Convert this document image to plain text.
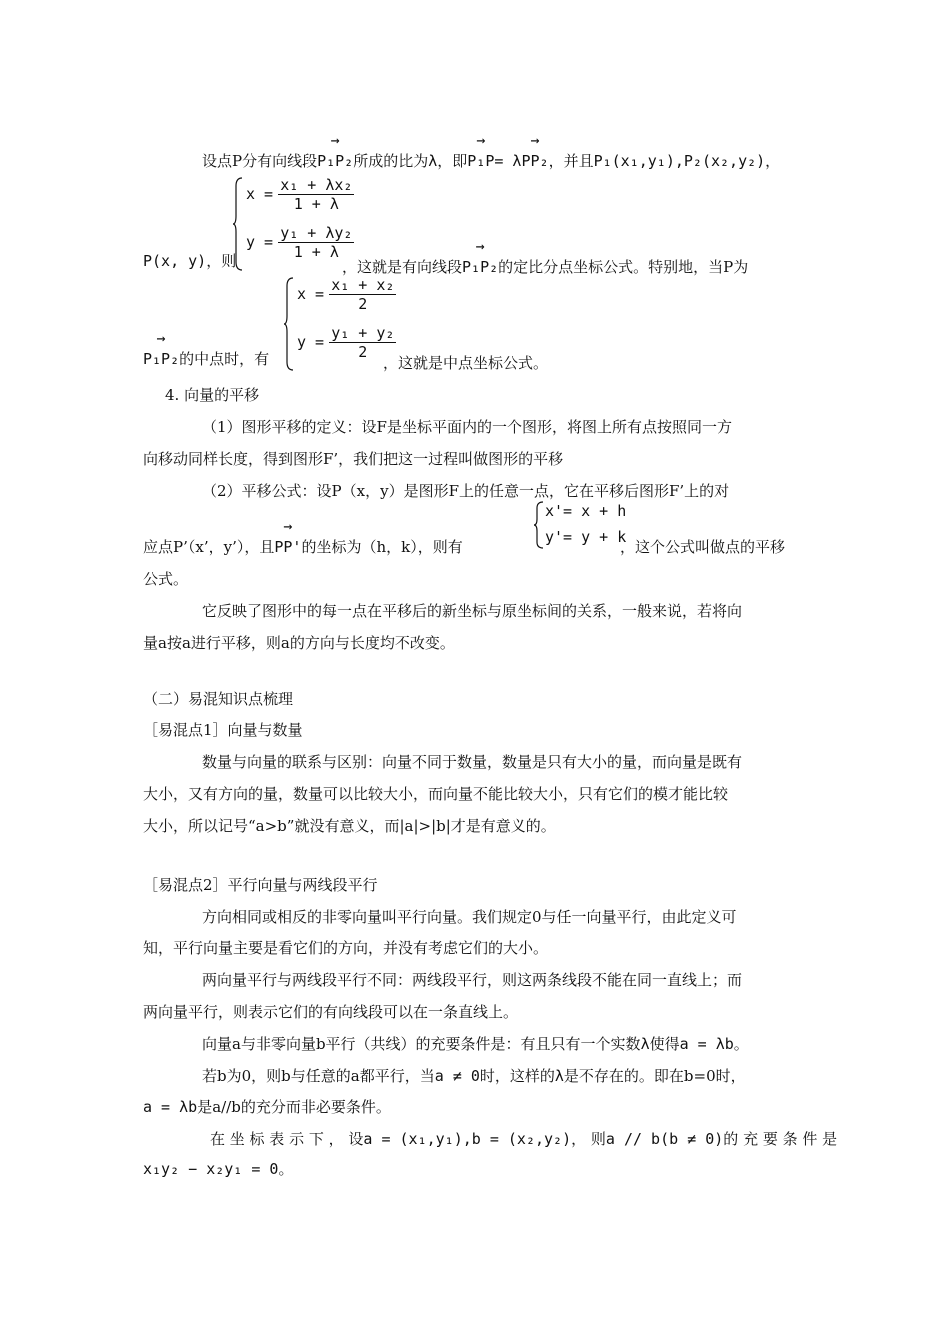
设点P分有向线段→ P₁P₂所成的比为λ，即→ P₁P= λ→ PP₂，并且P₁(x₁,y₁),P₂(x₂,y₂)，
P(x, y)，则
$x = \frac{\text{x₁ + λx₂}}{1 + \lambda}$
$y = \frac{\text{y₁ + λy₂}}{1 + \lambda}$
，这就是有向线段→ P₁P₂的定比分点坐标公式。特别地，当P为
→ P₁P₂的中点时，有
$x = \frac{\text{x₁ + x₂}}{2}$
$y = \frac{\text{y₁ + y₂}}{2}$
，这就是中点坐标公式。
4. 向量的平移
（1）图形平移的定义：设F是坐标平面内的一个图形，将图上所有点按照同一方
向移动同样长度，得到图形F’，我们把这一过程叫做图形的平移
（2）平移公式：设P（x，y）是图形F上的任意一点，它在平移后图形F’上的对
应点P’（x’，y’），且→ PP'的坐标为（h，k），则有
x'= x + h
y'= y + k
，这个公式叫做点的平移
公式。
它反映了图形中的每一点在平移后的新坐标与原坐标间的关系，一般来说，若将向
量a按a进行平移，则a的方向与长度均不改变。
（二）易混知识点梳理
［易混点1］向量与数量
数量与向量的联系与区别：向量不同于数量，数量是只有大小的量，而向量是既有
大小，又有方向的量，数量可以比较大小，而向量不能比较大小，只有它们的模才能比较
大小，所以记号“a>b”就没有意义，而|a|>|b|才是有意义的。
［易混点2］平行向量与两线段平行
方向相同或相反的非零向量叫平行向量。我们规定0与任一向量平行，由此定义可
知，平行向量主要是看它们的方向，并没有考虑它们的大小。
两向量平行与两线段平行不同：两线段平行，则这两条线段不能在同一直线上；而
两向量平行，则表示它们的有向线段可以在一条直线上。
向量a与非零向量b平行（共线）的充要条件是：有且只有一个实数λ使得a = λb。
若b为0，则b与任意的a都平行，当a ≠ 0时，这样的λ是不存在的。即在b=0时，
a = λb是a//b的充分而非必要条件。
在 坐 标 表 示 下 ， 设a = (x₁,y₁),b = (x₂,y₂)， 则a // b(b ≠ 0)的 充 要 条 件 是
x₁y₂ − x₂y₁ = 0。
